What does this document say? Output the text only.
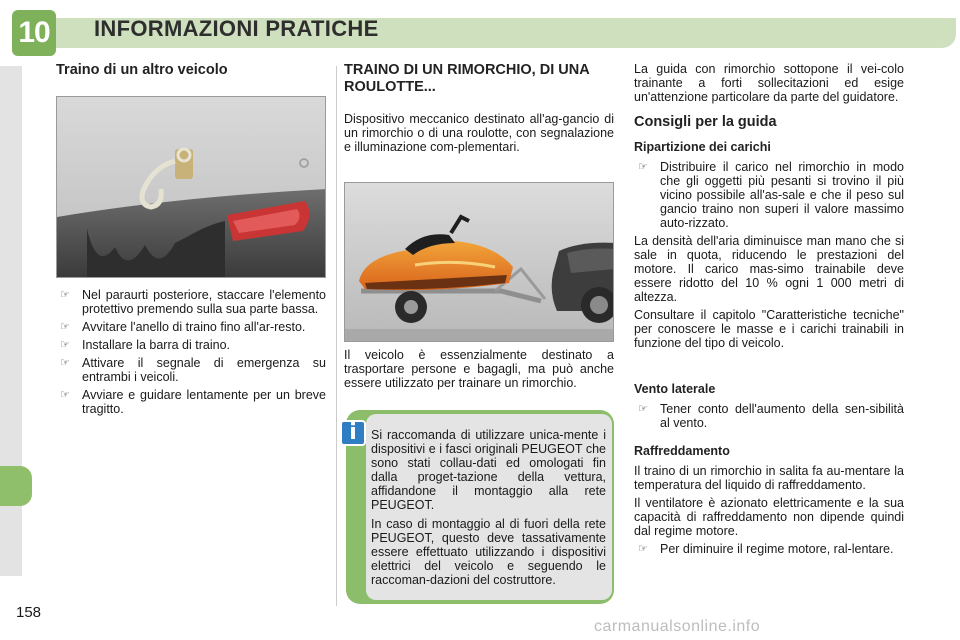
10 INFORMAZIONI PRATICHE
Traino di un altro veicolo
☞ Nel paraurti posteriore, staccare l'elemento protettivo premendo sulla sua parte bassa.
☞ Avvitare l'anello di traino fino all'ar-resto.
☞ Installare la barra di traino.
☞ Attivare il segnale di emergenza su entrambi i veicoli.
☞ Avviare e guidare lentamente per un breve tragitto.
TRAINO DI UN RIMORCHIO, DI UNA ROULOTTE...

Dispositivo meccanico destinato all'ag-gancio di un rimorchio o di una roulotte, con segnalazione e illuminazione com-plementari.

Il veicolo è essenzialmente destinato a trasportare persone e bagagli, ma può anche essere utilizzato per trainare un rimorchio.

Si raccomanda di utilizzare unica-mente i dispositivi e i fasci originali PEUGEOT che sono stati collau-dati ed omologati fin dalla proget-tazione della vettura, affidandone il montaggio alla rete PEUGEOT.

In caso di montaggio al di fuori della rete PEUGEOT, questo deve tassativamente essere effettuato utilizzando i dispositivi elettrici del veicolo e seguendo le raccoman-dazioni del costruttore.

i

La guida con rimorchio sottopone il vei-colo trainante a forti sollecitazioni ed esige un'attenzione particolare da parte del guidatore.

Consigli per la guida
Ripartizione dei carichi
☞ Distribuire il carico nel rimorchio in modo che gli oggetti più pesanti si trovino il più vicino possibile all'as-sale e che il peso sul gancio traino non superi il valore massimo auto-rizzato.

La densità dell'aria diminuisce man mano che si sale in quota, riducendo le prestazioni del motore. Il carico mas-simo trainabile deve essere ridotto del 10 % ogni 1 000 metri di altezza.

Consultare il capitolo "Caratteristiche tecniche" per conoscere le masse e i carichi trainabili in funzione del tipo di veicolo.

Vento laterale
☞ Tener conto dell'aumento della sen-sibilità al vento.
Raffreddamento

Il traino di un rimorchio in salita fa au-mentare la temperatura del liquido di raffreddamento.

Il ventilatore è azionato elettricamente e la sua capacità di raffreddamento non dipende quindi dal regime motore.

☞ Per diminuire il regime motore, ral-lentare.
158
carmanualsonline.info
